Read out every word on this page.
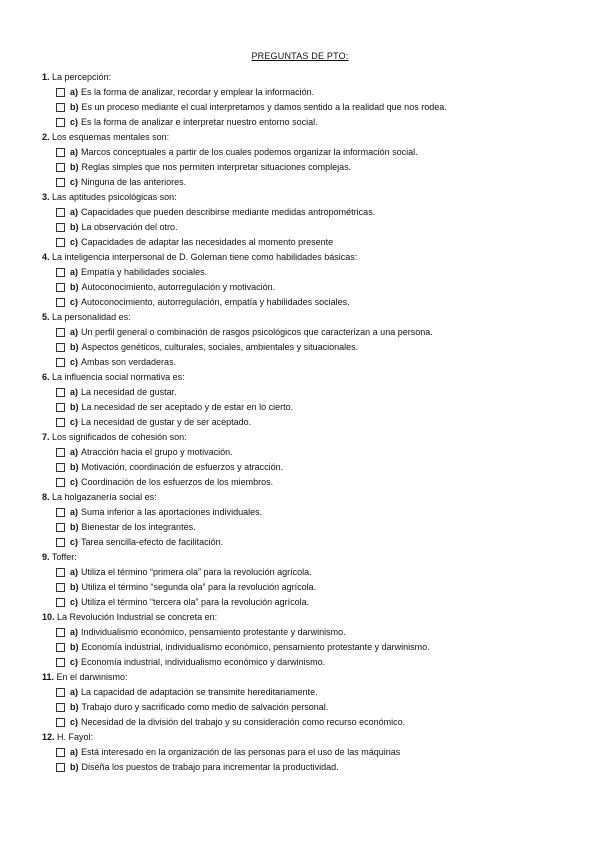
PREGUNTAS DE PTO:
1. La percepción:
a) Es la forma de analizar, recordar y emplear la información.
b) Es un proceso mediante el cual interpretamos y damos sentido a la realidad que nos rodea.
c) Es la forma de analizar e interpretar nuestro entorno social.
2. Los esquemas mentales son:
a) Marcos conceptuales a partir de los cuales podemos organizar la información social.
b) Reglas simples que nos permiten interpretar situaciones complejas.
c) Ninguna de las anteriores.
3. Las aptitudes psicológicas son:
a) Capacidades que pueden describirse mediante medidas antropométricas.
b) La observación del otro.
c) Capacidades de adaptar las necesidades al momento presente
4. La inteligencia interpersonal de D. Goleman tiene como habilidades básicas:
a) Empatía y habilidades sociales.
b) Autoconocimiento, autorregulación y motivación.
c) Autoconocimiento, autorregulación, empatía y habilidades sociales.
5. La personalidad es:
a) Un perfil general o combinación de rasgos psicológicos que caracterizan a una persona.
b) Aspectos genéticos, culturales, sociales, ambientales y situacionales.
c) Ambas son verdaderas.
6. La influencia social normativa es:
a) La necesidad de gustar.
b) La necesidad de ser aceptado y de estar en lo cierto.
c) La necesidad de gustar y de ser aceptado.
7. Los significados de cohesión son:
a) Atracción hacia el grupo y motivación.
b) Motivación, coordinación de esfuerzos y atracción.
c) Coordinación de los esfuerzos de los miembros.
8. La holgazanería social es:
a) Suma inferior a las aportaciones individuales.
b) Bienestar de los integrantes.
c) Tarea sencilla-efecto de facilitación.
9. Toffer:
a) Utiliza el término “primera ola” para la revolución agrícola.
b) Utiliza el término “segunda ola” para la revolución agrícola.
c) Utiliza el término “tercera ola” para la revolución agrícola.
10. La Revolución Industrial se concreta en:
a) Individualismo económico, pensamiento protestante y darwinismo.
b) Economía industrial, individualismo económico, pensamiento protestante y darwinismo.
c) Economía industrial, individualismo económico y darwinismo.
11. En el darwinismo:
a) La capacidad de adaptación se transmite hereditariamente.
b) Trabajo duro y sacrificado como medio de salvación personal.
c) Necesidad de la división del trabajo y su consideración como recurso económico.
12. H. Fayol:
a) Está interesado en la organización de las personas para el uso de las máquinas
b) Diseña los puestos de trabajo para incrementar la productividad.
